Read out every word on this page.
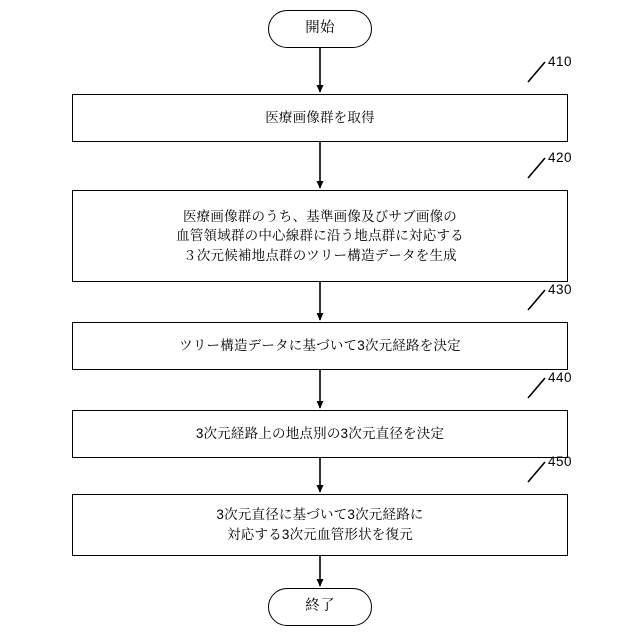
開始
医療画像群を取得
医療画像群のうち、基準画像及びサブ画像の
血管領域群の中心線群に沿う地点群に対応する
３次元候補地点群のツリー構造データを生成
ツリー構造データに基づいて3次元経路を決定
3次元経路上の地点別の3次元直径を決定
3次元直径に基づいて3次元経路に
対応する3次元血管形状を復元
終了
410
420
430
440
450
